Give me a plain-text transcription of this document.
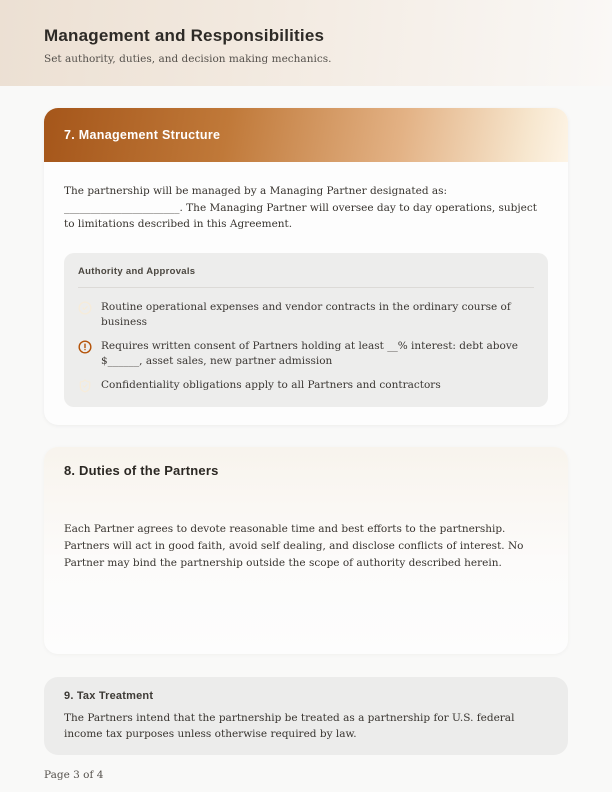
Management and Responsibilities
Set authority, duties, and decision making mechanics.
7. Management Structure

The partnership will be managed by a Managing Partner designated as: ______________________. The Managing Partner will oversee day to day operations, subject to limitations described in this Agreement.

Authority and Approvals
Routine operational expenses and vendor contracts in the ordinary course of business
Requires written consent of Partners holding at least __% interest: debt above $______, asset sales, new partner admission
Confidentiality obligations apply to all Partners and contractors
8. Duties of the Partners

Each Partner agrees to devote reasonable time and best efforts to the partnership. Partners will act in good faith, avoid self dealing, and disclose conflicts of interest. No Partner may bind the partnership outside the scope of authority described herein.

9. Tax Treatment

The Partners intend that the partnership be treated as a partnership for U.S. federal income tax purposes unless otherwise required by law.

Page 3 of 4
